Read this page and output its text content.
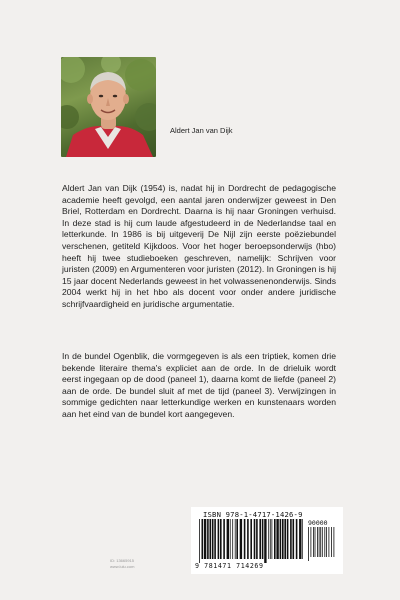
Aldert Jan van Dijk

Aldert Jan van Dijk (1954) is, nadat hij in Dordrecht de pedagogische academie heeft gevolgd, een aantal jaren onderwijzer geweest in Den Briel, Rotterdam en Dordrecht. Daarna is hij naar Groningen verhuisd. In deze stad is hij cum laude afgestudeerd in de Nederlandse taal en letterkunde. In 1986 is bij uitgeverij De Nijl zijn eerste poëziebundel verschenen, getiteld Kijkdoos. Voor het hoger beroepsonderwijs (hbo) heeft hij twee studieboeken geschreven, namelijk: Schrijven voor juristen (2009) en Argumenteren voor juristen (2012). In Groningen is hij 15 jaar docent Nederlands geweest in het volwassenenonderwijs. Sinds 2004 werkt hij in het hbo als docent voor onder andere juridische schrijfvaardigheid en juridische argumentatie.

In de bundel Ogenblik, die vormgegeven is als een triptiek, komen drie bekende literaire thema's expliciet aan de orde. In de drieluik wordt eerst ingegaan op de dood (paneel 1), daarna komt de liefde (paneel 2) aan de orde. De bundel sluit af met de tijd (paneel 3). Verwijzingen in sommige gedichten naar letterkundige werken en kunstenaars worden aan het eind van de bundel kort aangegeven.

ID: 13665915
www.lulu.com
ISBN 978-1-4717-1426-9
90000
9 781471 714269
